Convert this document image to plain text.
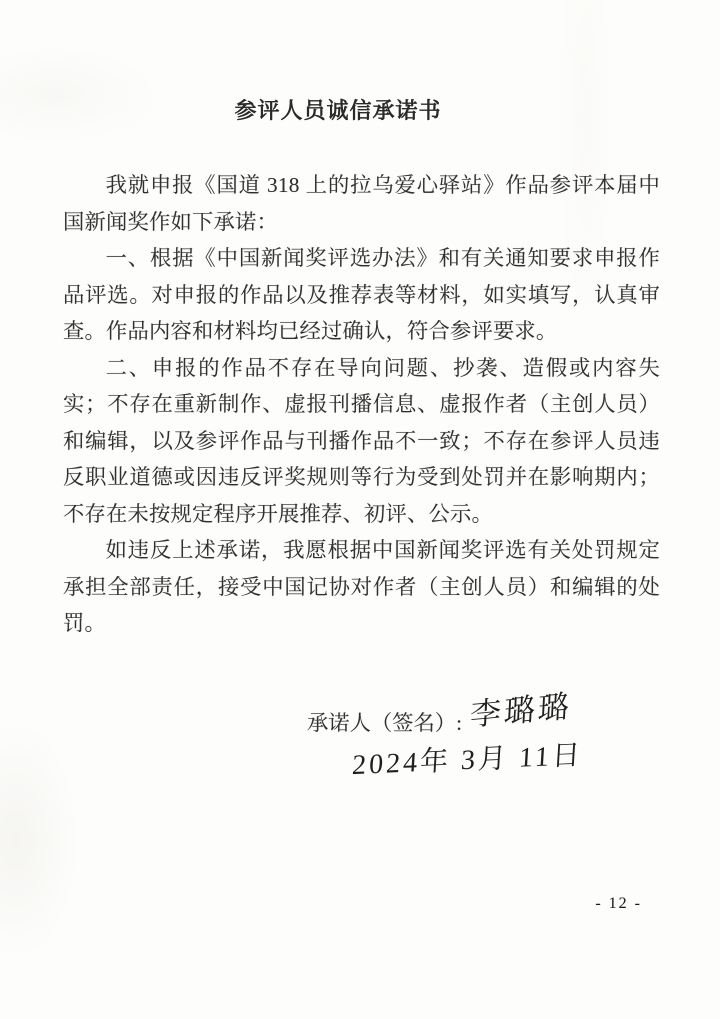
参评人员诚信承诺书

我就申报《国道 318 上的拉乌爱心驿站》作品参评本届中国新闻奖作如下承诺：

一、根据《中国新闻奖评选办法》和有关通知要求申报作品评选。对申报的作品以及推荐表等材料，如实填写，认真审查。作品内容和材料均已经过确认，符合参评要求。

二、申报的作品不存在导向问题、抄袭、造假或内容失实；不存在重新制作、虚报刊播信息、虚报作者（主创人员）和编辑，以及参评作品与刊播作品不一致；不存在参评人员违反职业道德或因违反评奖规则等行为受到处罚并在影响期内；不存在未按规定程序开展推荐、初评、公示。

如违反上述承诺，我愿根据中国新闻奖评选有关处罚规定承担全部责任，接受中国记协对作者（主创人员）和编辑的处罚。

承诺人（签名）: 李璐璐
2024年 3月 11日
- 12 -
